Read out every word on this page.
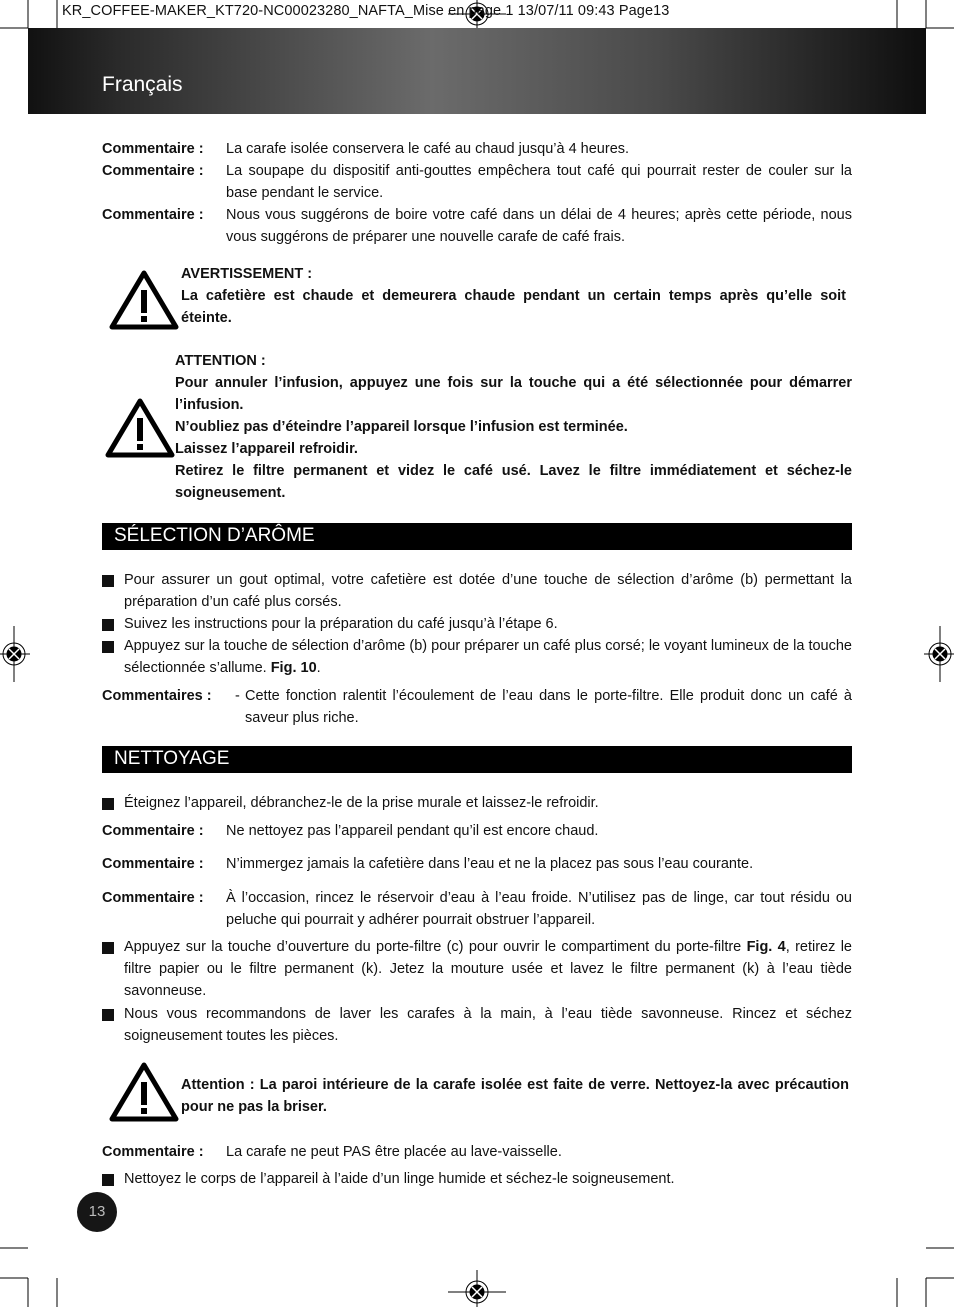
KR_COFFEE-MAKER_KT720-NC00023280_NAFTA_Mise en page 1 13/07/11 09:43 Page13
Français
Commentaire : La carafe isolée conservera le café au chaud jusqu’à 4 heures.
Commentaire : La soupape du dispositif anti-gouttes empêchera tout café qui pourrait rester de couler sur la base pendant le service.
Commentaire : Nous vous suggérons de boire votre café dans un délai de 4 heures; après cette période, nous vous suggérons de préparer une nouvelle carafe de café frais.
AVERTISSEMENT :
La cafetière est chaude et demeurera chaude pendant un certain temps après qu’elle soit éteinte.
ATTENTION :
Pour annuler l’infusion, appuyez une fois sur la touche qui a été sélectionnée pour démarrer l’infusion.
N’oubliez pas d’éteindre l’appareil lorsque l’infusion est terminée.
Laissez l’appareil refroidir.
Retirez le filtre permanent et videz le café usé. Lavez le filtre immédiatement et séchez-le soigneusement.
SÉLECTION D’ARÔME
Pour assurer un gout optimal, votre cafetière est dotée d’une touche de sélection d’arôme (b) permettant la préparation d’un café plus corsés.
Suivez les instructions pour la préparation du café jusqu’à l’étape 6.
Appuyez sur la touche de sélection d’arôme (b) pour préparer un café plus corsé; le voyant lumineux de la touche sélectionnée s’allume. Fig. 10.
Commentaires : - Cette fonction ralentit l’écoulement de l’eau dans le porte-filtre. Elle produit donc un café à saveur plus riche.
NETTOYAGE
Éteignez l’appareil, débranchez-le de la prise murale et laissez-le refroidir.
Commentaire : Ne nettoyez pas l’appareil pendant qu’il est encore chaud.
Commentaire : N’immergez jamais la cafetière dans l’eau et ne la placez pas sous l’eau courante.
Commentaire : À l’occasion, rincez le réservoir d’eau à l’eau froide. N’utilisez pas de linge, car tout résidu ou peluche qui pourrait y adhérer pourrait obstruer l’appareil.
Appuyez sur la touche d’ouverture du porte-filtre (c) pour ouvrir le compartiment du porte-filtre Fig. 4, retirez le filtre papier ou le filtre permanent (k). Jetez la mouture usée et lavez le filtre permanent (k) à l’eau tiède savonneuse.
Nous vous recommandons de laver les carafes à la main, à l’eau tiède savonneuse. Rincez et séchez soigneusement toutes les pièces.
Attention : La paroi intérieure de la carafe isolée est faite de verre. Nettoyez-la avec précaution pour ne pas la briser.
Commentaire : La carafe ne peut PAS être placée au lave-vaisselle.
Nettoyez le corps de l’appareil à l’aide d’un linge humide et séchez-le soigneusement.
13
